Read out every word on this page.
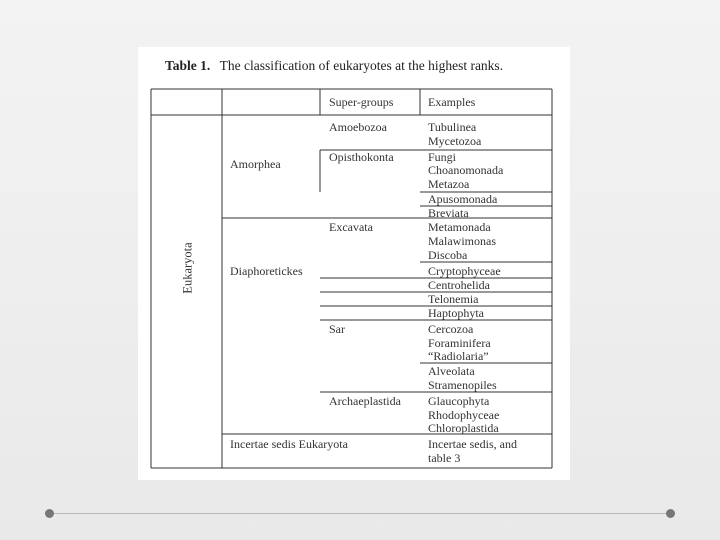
Table 1. The classification of eukaryotes at the highest ranks.
Eukaryota
Super-groups	Examples
Amorphea
Diaphoretickes
Incertae sedis Eukaryota
Amoebozoa
Opisthokonta
Excavata
Sar
Archaeplastida
Tubulinea
Mycetozoa
Fungi
Choanomonada
Metazoa
Apusomonada
Breviata
Metamonada
Malawimonas
Discoba
Cryptophyceae
Centrohelida
Telonemia
Haptophyta
Cercozoa
Foraminifera
“Radiolaria”
Alveolata
Stramenopiles
Glaucophyta
Rhodophyceae
Chloroplastida
Incertae sedis, and
table 3
